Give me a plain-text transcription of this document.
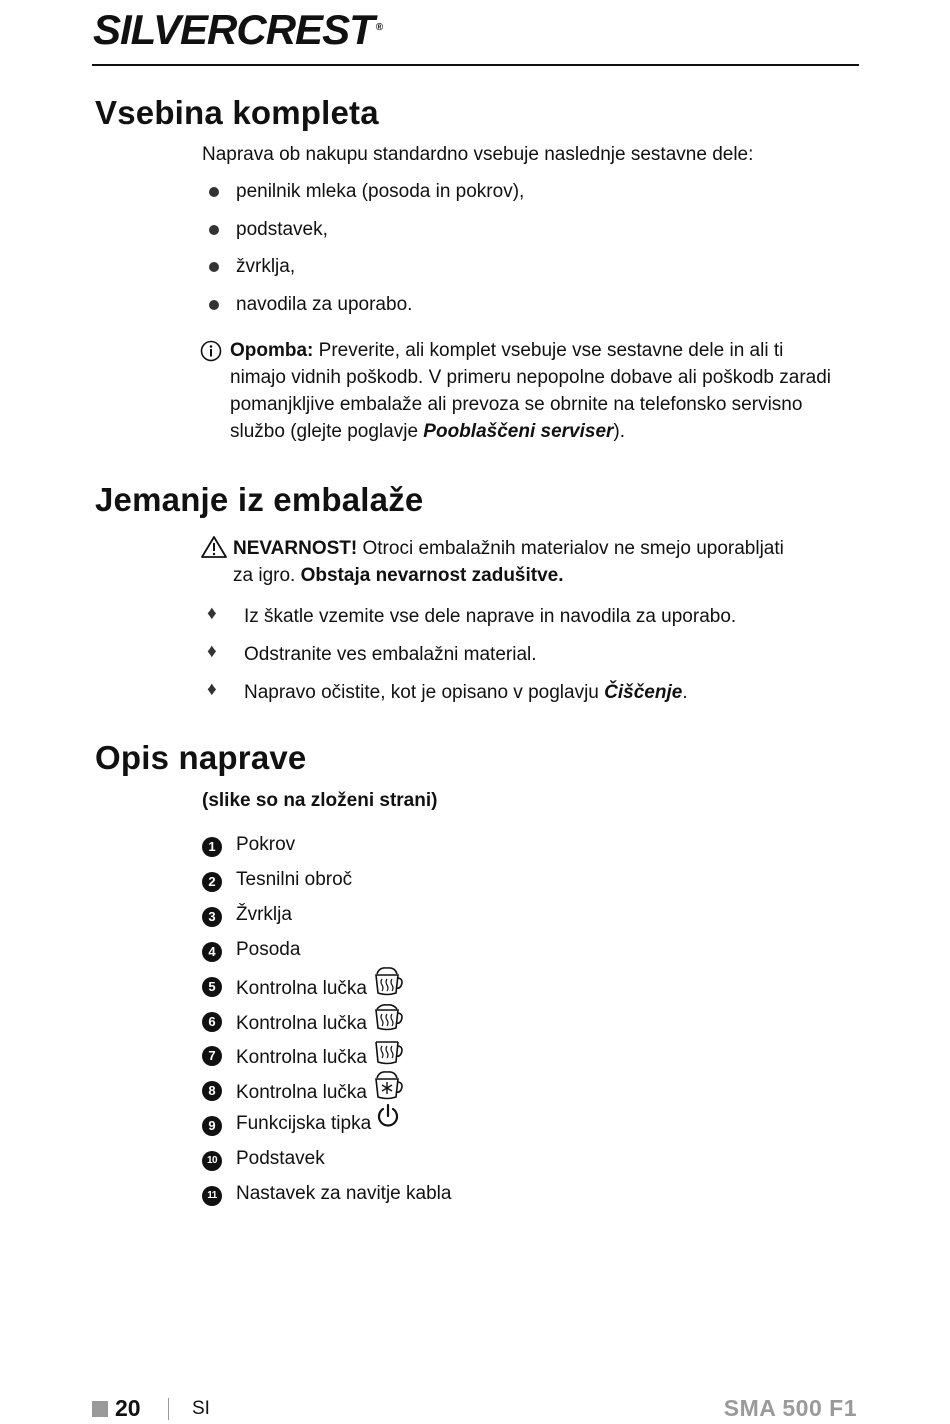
SILVERCREST ®
Vsebina kompleta
Naprava ob nakupu standardno vsebuje naslednje sestavne dele:
penilnik mleka (posoda in pokrov),
podstavek,
žvrklja,
navodila za uporabo.
Opomba: Preverite, ali komplet vsebuje vse sestavne dele in ali ti
nimajo vidnih poškodb. V primeru nepopolne dobave ali poškodb zaradi
pomanjkljive embalaže ali prevoza se obrnite na telefonsko servisno
službo (glejte poglavje Pooblaščeni serviser).
Jemanje iz embalaže
NEVARNOST! Otroci embalažnih materialov ne smejo uporabljati
za igro. Obstaja nevarnost zadušitve.
♦ Iz škatle vzemite vse dele naprave in navodila za uporabo.
♦ Odstranite ves embalažni material.
♦ Napravo očistite, kot je opisano v poglavju Čiščenje.
Opis naprave
(slike so na zloženi strani)
1	Pokrov
2	Tesnilni obroč
3	Žvrklja
4	Posoda
5	Kontrolna lučka
6	Kontrolna lučka
7	Kontrolna lučka
8	Kontrolna lučka
9	Funkcijska tipka
10 Podstavek
11 Nastavek za navitje kabla
20	SI	SMA 500 F1
